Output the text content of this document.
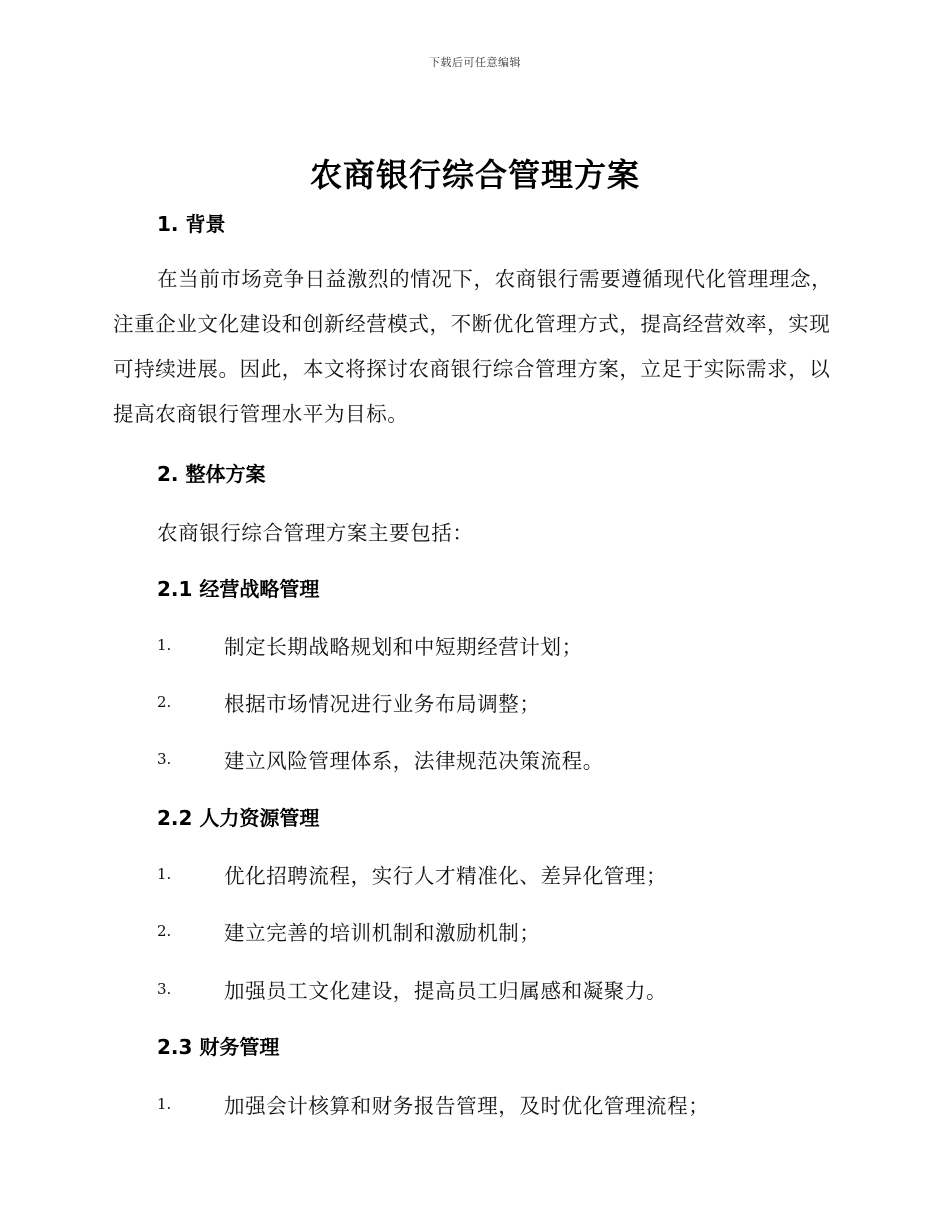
下载后可任意编辑
农商银行综合管理方案
1. 背景
在当前市场竞争日益激烈的情况下，农商银行需要遵循现代化管理理念，注重企业文化建设和创新经营模式，不断优化管理方式，提高经营效率，实现可持续进展。因此，本文将探讨农商银行综合管理方案，立足于实际需求，以提高农商银行管理水平为目标。
2. 整体方案
农商银行综合管理方案主要包括：
2.1 经营战略管理
1.	制定长期战略规划和中短期经营计划；
2.	根据市场情况进行业务布局调整；
3.	建立风险管理体系，法律规范决策流程。
2.2 人力资源管理
1.	优化招聘流程，实行人才精准化、差异化管理；
2.	建立完善的培训机制和激励机制；
3.	加强员工文化建设，提高员工归属感和凝聚力。
2.3 财务管理
1.	加强会计核算和财务报告管理，及时优化管理流程；
